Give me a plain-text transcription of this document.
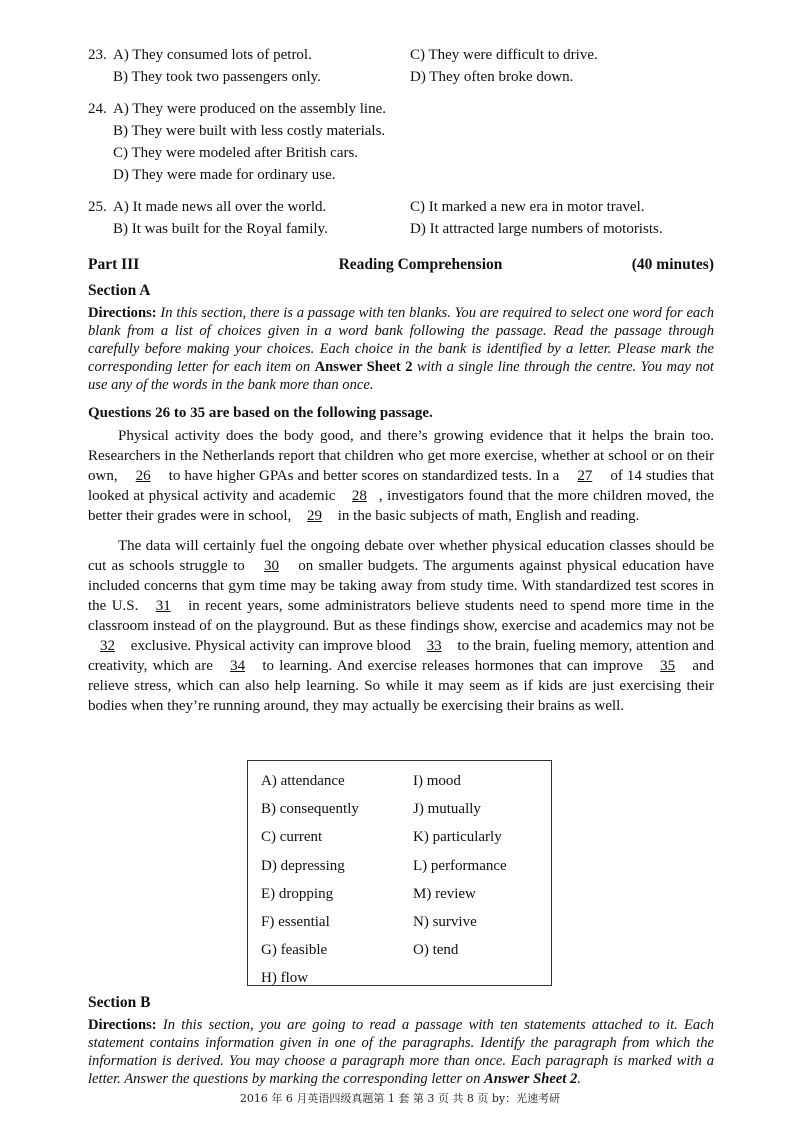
23. A) They consumed lots of petrol.	C) They were difficult to drive.
B) They took two passengers only.	D) They often broke down.
24. A) They were produced on the assembly line.
B) They were built with less costly materials.
C) They were modeled after British cars.
D) They were made for ordinary use.
25. A) It made news all over the world.	C) It marked a new era in motor travel.
B) It was built for the Royal family.	D) It attracted large numbers of motorists.
Part III	Reading Comprehension	(40 minutes)
Section A
Directions: In this section, there is a passage with ten blanks. You are required to select one word for each blank from a list of choices given in a word bank following the passage. Read the passage through carefully before making your choices. Each choice in the bank is identified by a letter. Please mark the corresponding letter for each item on Answer Sheet 2 with a single line through the centre. You may not use any of the words in the bank more than once.
Questions 26 to 35 are based on the following passage.

Physical activity does the body good, and there’s growing evidence that it helps the brain too. Researchers in the Netherlands report that children who get more exercise, whether at school or on their own, 26 to have higher GPAs and better scores on standardized tests. In a 27 of 14 studies that looked at physical activity and academic 28 , investigators found that the more children moved, the better their grades were in school, 29 in the basic subjects of math, English and reading.

The data will certainly fuel the ongoing debate over whether physical education classes should be cut as schools struggle to 30 on smaller budgets. The arguments against physical education have included concerns that gym time may be taking away from study time. With standardized test scores in the U.S. 31 in recent years, some administrators believe students need to spend more time in the classroom instead of on the playground. But as these findings show, exercise and academics may not be 32 exclusive. Physical activity can improve blood 33 to the brain, fueling memory, attention and creativity, which are 34 to learning. And exercise releases hormones that can improve 35 and relieve stress, which can also help learning. So while it may seem as if kids are just exercising their bodies when they’re running around, they may actually be exercising their brains as well.

A) attendance
B) consequently
C) current
D) depressing
E) dropping
F) essential
G) feasible
H) flow
I) mood
J) mutually
K) particularly
L) performance
M) review
N) survive
O) tend
Section B
Directions: In this section, you are going to read a passage with ten statements attached to it. Each statement contains information given in one of the paragraphs. Identify the paragraph from which the information is derived. You may choose a paragraph more than once. Each paragraph is marked with a letter. Answer the questions by marking the corresponding letter on Answer Sheet 2.
2016 年 6 月英语四级真题第 1 套 第 3 页 共 8 页 by：光速考研
